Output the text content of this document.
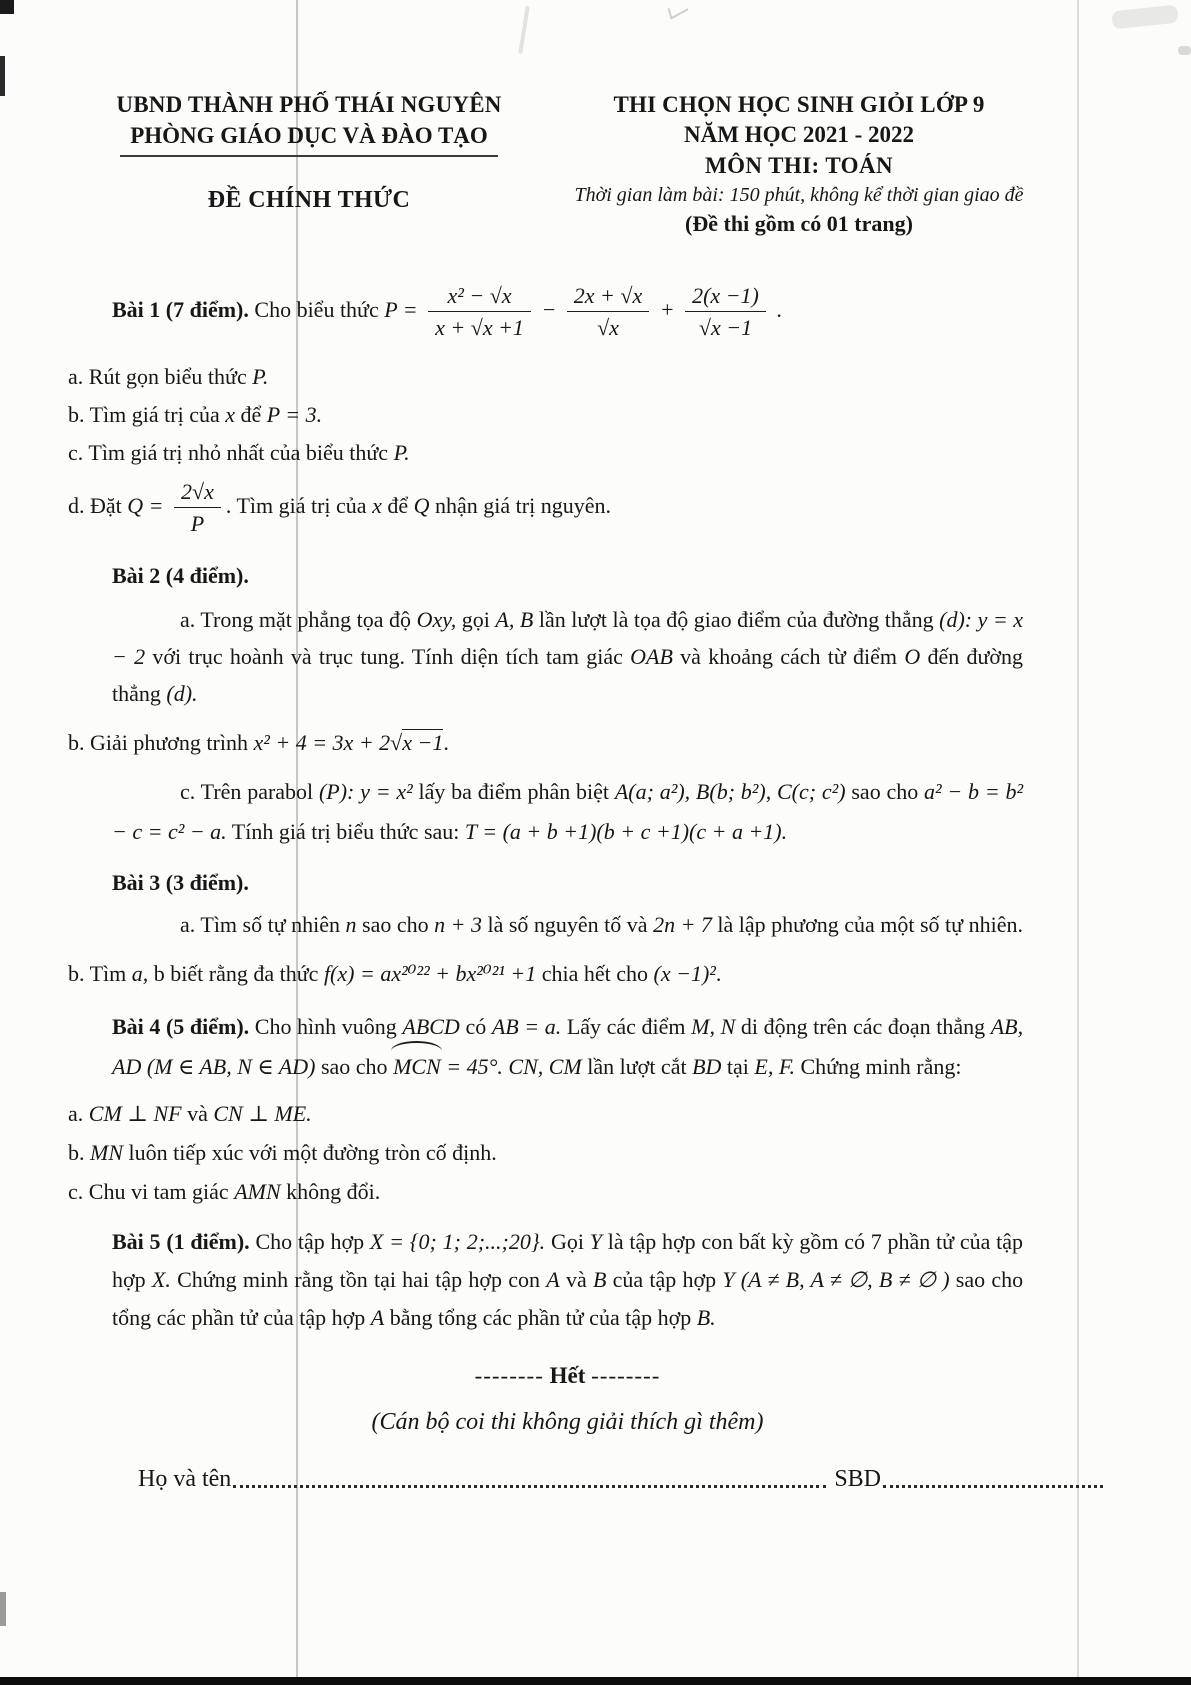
UBND THÀNH PHỐ THÁI NGUYÊN
PHÒNG GIÁO DỤC VÀ ĐÀO TẠO
ĐỀ CHÍNH THỨC
THI CHỌN HỌC SINH GIỎI LỚP 9
NĂM HỌC 2021 - 2022
MÔN THI: TOÁN
Thời gian làm bài: 150 phút, không kể thời gian giao đề
(Đề thi gồm có 01 trang)
Bài 1 (7 điểm). Cho biểu thức $P = \frac{\text{x² − √x}}{x + √x +1} - \frac{2x + √x}{√x} + \frac{2(x -1)}{√x -1}$ .
a. Rút gọn biểu thức P.
b. Tìm giá trị của x để P = 3.
c. Tìm giá trị nhỏ nhất của biểu thức P.
d. Đặt $Q = \frac{2√x}{P}$ . Tìm giá trị của x để Q nhận giá trị nguyên.
Bài 2 (4 điểm).
a. Trong mặt phẳng tọa độ Oxy, gọi A, B lần lượt là tọa độ giao điểm của đường thẳng (d): y = x − 2 với trục hoành và trục tung. Tính diện tích tam giác OAB và khoảng cách từ điểm O đến đường thẳng (d).
b. Giải phương trình x² + 4 = 3x + 2√x −1.
c. Trên parabol (P): y = x² lấy ba điểm phân biệt A(a; a²), B(b; b²), C(c; c²) sao cho a² − b = b² − c = c² − a. Tính giá trị biểu thức sau: T = (a + b +1)(b + c +1)(c + a +1).
Bài 3 (3 điểm).
a. Tìm số tự nhiên n sao cho n + 3 là số nguyên tố và 2n + 7 là lập phương của một số tự nhiên.
b. Tìm a, b biết rằng đa thức f(x) = ax²⁰²² + bx²⁰²¹ +1 chia hết cho (x −1)².
Bài 4 (5 điểm). Cho hình vuông ABCD có AB = a. Lấy các điểm M, N di động trên các đoạn thẳng AB, AD (M ∈ AB, N ∈ AD) sao cho MCN = 45°. CN, CM lần lượt cắt BD tại E, F. Chứng minh rằng:
a. CM ⊥ NF và CN ⊥ ME.
b. MN luôn tiếp xúc với một đường tròn cố định.
c. Chu vi tam giác AMN không đổi.
Bài 5 (1 điểm). Cho tập hợp X = {0; 1; 2;...;20}. Gọi Y là tập hợp con bất kỳ gồm có 7 phần tử của tập hợp X. Chứng minh rằng tồn tại hai tập hợp con A và B của tập hợp Y (A ≠ B, A ≠ ∅, B ≠ ∅ ) sao cho tổng các phần tử của tập hợp A bằng tổng các phần tử của tập hợp B.
-------- Hết --------
(Cán bộ coi thi không giải thích gì thêm)
Họ và tên	SBD
